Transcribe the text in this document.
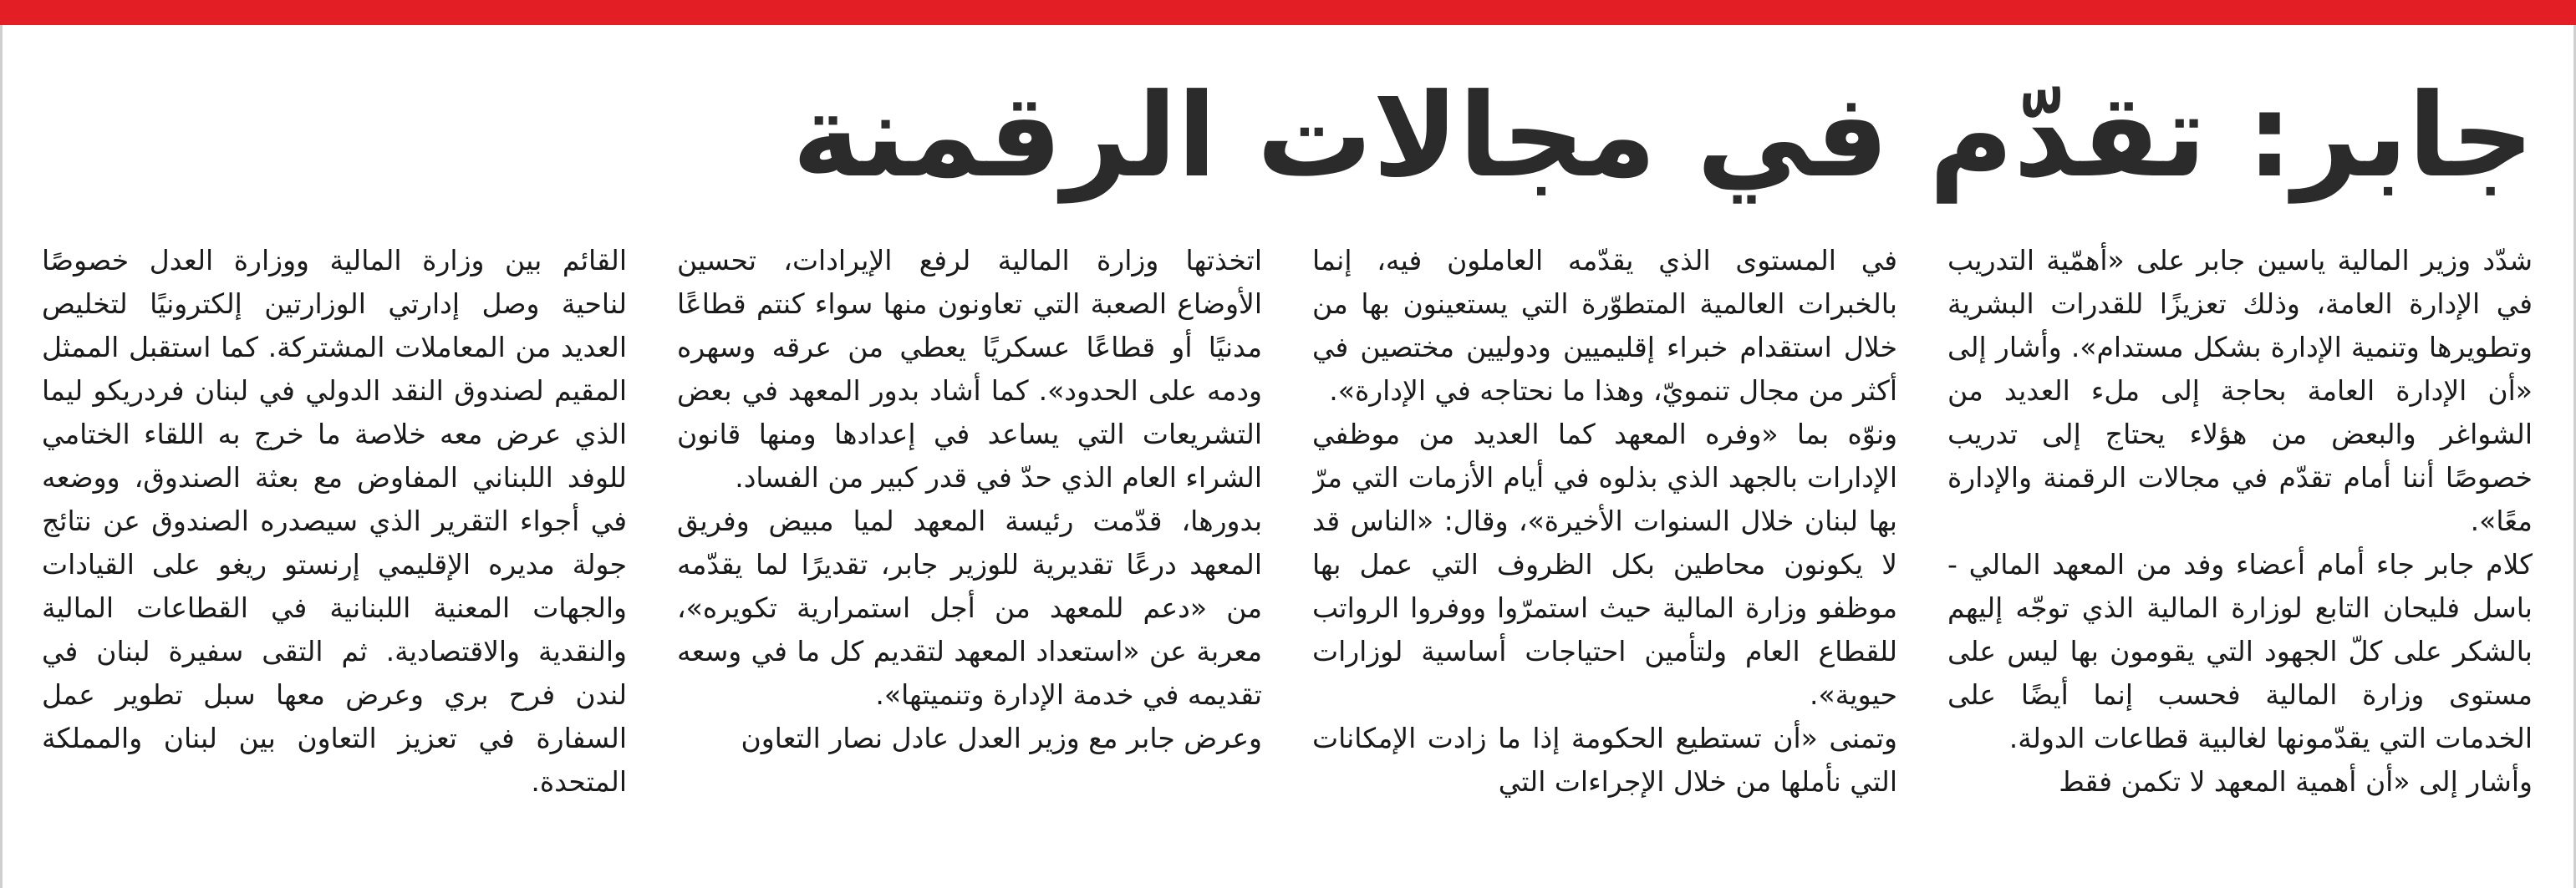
جابر: تقدّم في مجالات الرقمنة

شدّد وزير المالية ياسين جابر على «أهمّية التدريب في الإدارة العامة، وذلك تعزيزًا للقدرات البشرية وتطويرها وتنمية الإدارة بشكل مستدام». وأشار إلى «أن الإدارة العامة بحاجة إلى ملء العديد من الشواغر والبعض من هؤلاء يحتاج إلى تدريب خصوصًا أننا أمام تقدّم في مجالات الرقمنة والإدارة معًا».

كلام جابر جاء أمام أعضاء وفد من المعهد المالي - باسل فليحان التابع لوزارة المالية الذي توجّه إليهم بالشكر على كلّ الجهود التي يقومون بها ليس على مستوى وزارة المالية فحسب إنما أيضًا على الخدمات التي يقدّمونها لغالبية قطاعات الدولة.

وأشار إلى «أن أهمية المعهد لا تكمن فقط

في المستوى الذي يقدّمه العاملون فيه، إنما بالخبرات العالمية المتطوّرة التي يستعينون بها من خلال استقدام خبراء إقليميين ودوليين مختصين في أكثر من مجال تنمويّ، وهذا ما نحتاجه في الإدارة».

ونوّه بما «وفره المعهد كما العديد من موظفي الإدارات بالجهد الذي بذلوه في أيام الأزمات التي مرّ بها لبنان خلال السنوات الأخيرة»، وقال: «الناس قد لا يكونون محاطين بكل الظروف التي عمل بها موظفو وزارة المالية حيث استمرّوا ووفروا الرواتب للقطاع العام ولتأمين احتياجات أساسية لوزارات حيوية».

وتمنى «أن تستطيع الحكومة إذا ما زادت الإمكانات التي نأملها من خلال الإجراءات التي

اتخذتها وزارة المالية لرفع الإيرادات، تحسين الأوضاع الصعبة التي تعاونون منها سواء كنتم قطاعًا مدنيًا أو قطاعًا عسكريًا يعطي من عرقه وسهره ودمه على الحدود». كما أشاد بدور المعهد في بعض التشريعات التي يساعد في إعدادها ومنها قانون الشراء العام الذي حدّ في قدر كبير من الفساد.

بدورها، قدّمت رئيسة المعهد لميا مبيض وفريق المعهد درعًا تقديرية للوزير جابر، تقديرًا لما يقدّمه من «دعم للمعهد من أجل استمرارية تكويره»، معربة عن «استعداد المعهد لتقديم كل ما في وسعه تقديمه في خدمة الإدارة وتنميتها».

وعرض جابر مع وزير العدل عادل نصار التعاون

القائم بين وزارة المالية ووزارة العدل خصوصًا لناحية وصل إدارتي الوزارتين إلكترونيًا لتخليص العديد من المعاملات المشتركة. كما استقبل الممثل المقيم لصندوق النقد الدولي في لبنان فردريكو ليما الذي عرض معه خلاصة ما خرج به اللقاء الختامي للوفد اللبناني المفاوض مع بعثة الصندوق، ووضعه في أجواء التقرير الذي سيصدره الصندوق عن نتائج جولة مديره الإقليمي إرنستو ريغو على القيادات والجهات المعنية اللبنانية في القطاعات المالية والنقدية والاقتصادية. ثم التقى سفيرة لبنان في لندن فرح بري وعرض معها سبل تطوير عمل السفارة في تعزيز التعاون بين لبنان والمملكة المتحدة.
